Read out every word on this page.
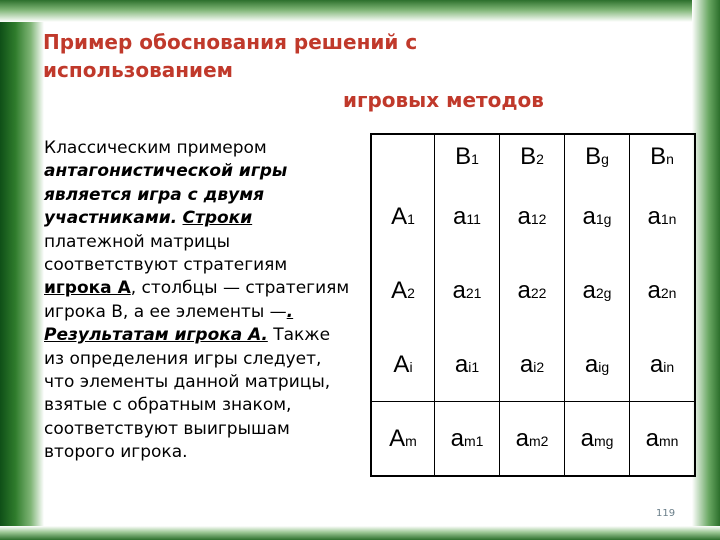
Пример обоснования решений с
использованием
игровых методов
Классическим примером антагонистической игры является игра с двумя участниками. Строки платежной матрицы соответствуют стратегиям игрока А, столбцы — стратегиям игрока В, а ее элементы —. Результатам игрока А. Также из определения игры следует, что элементы данной матрицы, взятые с обратным знаком, соответствуют выигрышам второго игрока.
	B1	B2	Bg	Bn
A1	a11	a12	a1g	a1n
A2	a21	a22	a2g	a2n
Ai	ai1	ai2	aig	ain
Am	am1	am2	amg	amn
119
